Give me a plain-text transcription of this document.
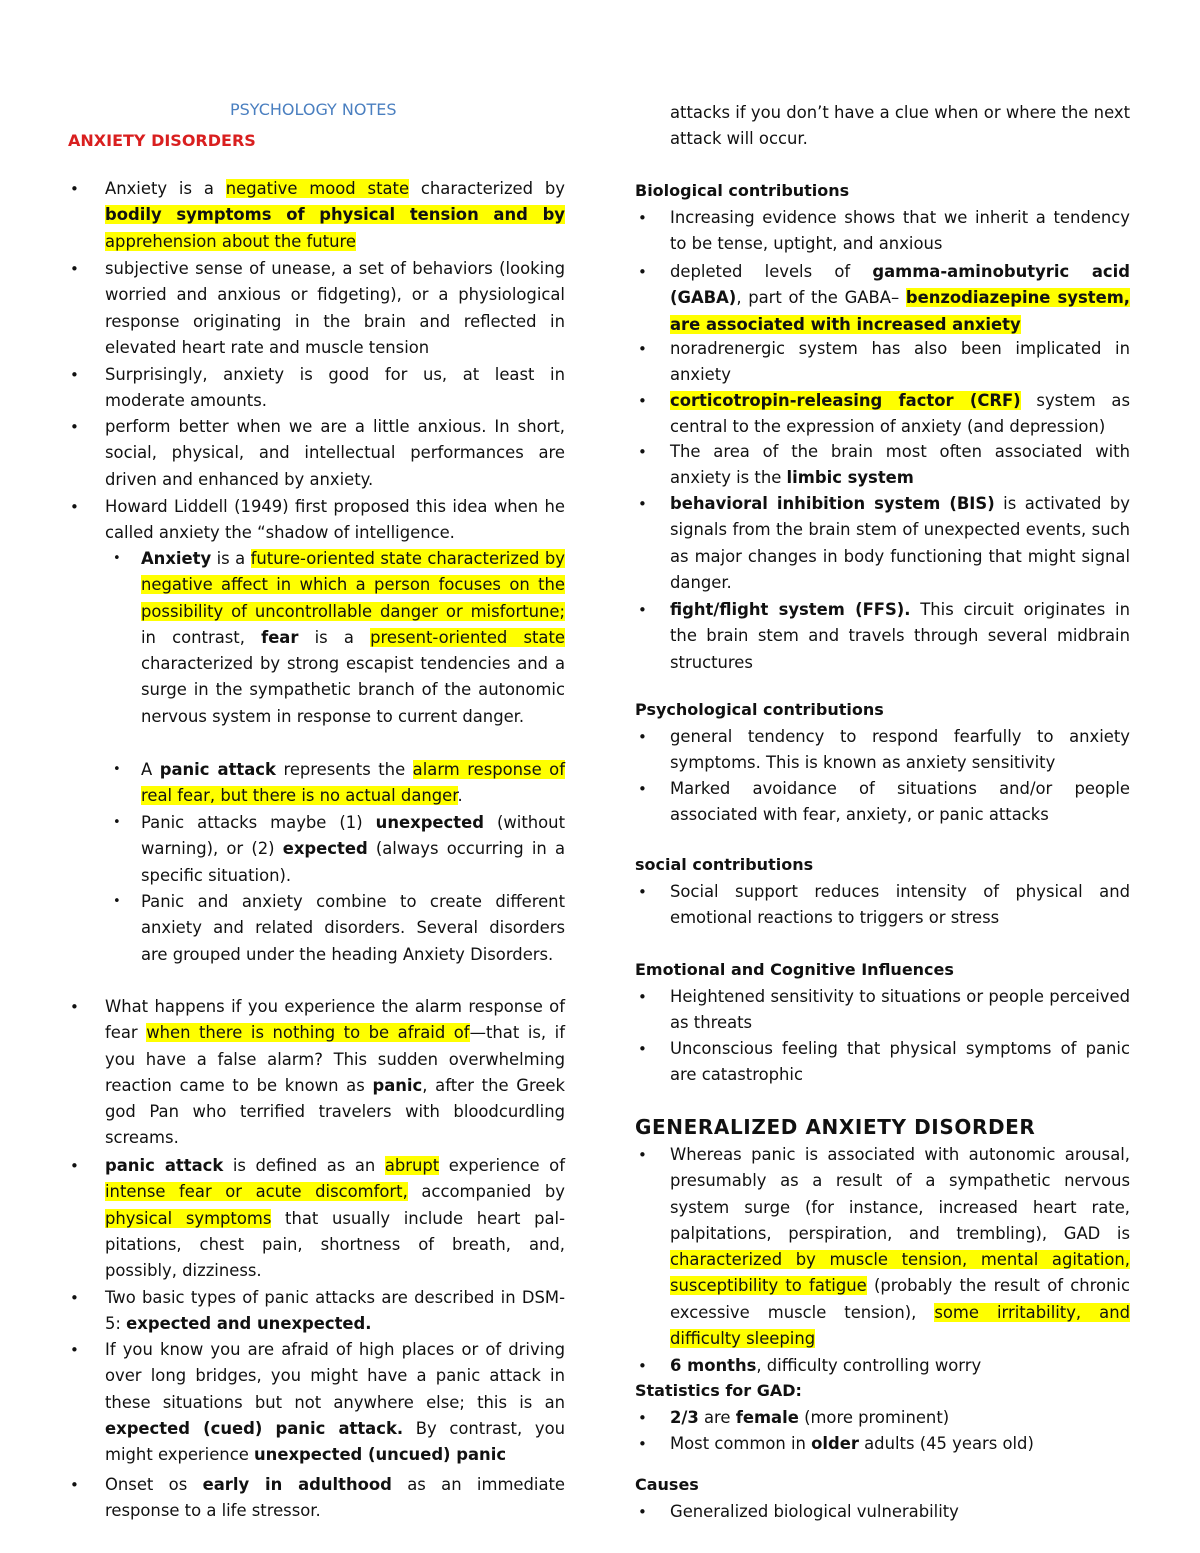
PSYCHOLOGY NOTES
ANXIETY DISORDERS
• Anxiety is a negative mood state characterized by bodily symptoms of physical tension and by apprehension about the future
• subjective sense of unease, a set of behaviors (looking worried and anxious or fidgeting), or a physiological response originating in the brain and reflected in elevated heart rate and muscle tension
• Surprisingly, anxiety is good for us, at least in moderate amounts.
• perform better when we are a little anxious. In short, social, physical, and intellectual performances are driven and enhanced by anxiety.
• Howard Liddell (1949) first proposed this idea when he called anxiety the “shadow of intelligence.
• Anxiety is a future-oriented state characterized by negative affect in which a person focuses on the possibility of uncontrollable danger or misfortune; in contrast, fear is a present-oriented state characterized by strong escapist tendencies and a surge in the sympathetic branch of the autonomic nervous system in response to current danger.
• A panic attack represents the alarm response of real fear, but there is no actual danger.
• Panic attacks maybe (1) unexpected (without warning), or (2) expected (always occurring in a specific situation).
• Panic and anxiety combine to create different anxiety and related disorders. Several disorders are grouped under the heading Anxiety Disorders.
• What happens if you experience the alarm response of fear when there is nothing to be afraid of—that is, if you have a false alarm? This sudden overwhelming reaction came to be known as panic, after the Greek god Pan who terrified travelers with bloodcurdling screams.
• panic attack is defined as an abrupt experience of intense fear or acute discomfort, accompanied by physical symptoms that usually include heart pal-pitations, chest pain, shortness of breath, and, possibly, dizziness.
• Two basic types of panic attacks are described in DSM-5: expected and unexpected.
• If you know you are afraid of high places or of driving over long bridges, you might have a panic attack in these situations but not anywhere else; this is an expected (cued) panic attack. By contrast, you might experience unexpected (uncued) panic
• Onset os early in adulthood as an immediate response to a life stressor.
attacks if you don’t have a clue when or where the next attack will occur.
Biological contributions
• Increasing evidence shows that we inherit a tendency to be tense, uptight, and anxious
• depleted levels of gamma-aminobutyric acid (GABA), part of the GABA– benzodiazepine system, are associated with increased anxiety
• noradrenergic system has also been implicated in anxiety
• corticotropin-releasing factor (CRF) system as central to the expression of anxiety (and depression)
• The area of the brain most often associated with anxiety is the limbic system
• behavioral inhibition system (BIS) is activated by signals from the brain stem of unexpected events, such as major changes in body functioning that might signal danger.
• fight/flight system (FFS). This circuit originates in the brain stem and travels through several midbrain structures
Psychological contributions
• general tendency to respond fearfully to anxiety symptoms. This is known as anxiety sensitivity
• Marked avoidance of situations and/or people associated with fear, anxiety, or panic attacks
social contributions
• Social support reduces intensity of physical and emotional reactions to triggers or stress
Emotional and Cognitive Influences
• Heightened sensitivity to situations or people perceived as threats
• Unconscious feeling that physical symptoms of panic are catastrophic
GENERALIZED ANXIETY DISORDER
• Whereas panic is associated with autonomic arousal, presumably as a result of a sympathetic nervous system surge (for instance, increased heart rate, palpitations, perspiration, and trembling), GAD is characterized by muscle tension, mental agitation, susceptibility to fatigue (probably the result of chronic excessive muscle tension), some irritability, and difficulty sleeping
• 6 months, difficulty controlling worry
Statistics for GAD:
• 2/3 are female (more prominent)
• Most common in older adults (45 years old)
Causes
• Generalized biological vulnerability
